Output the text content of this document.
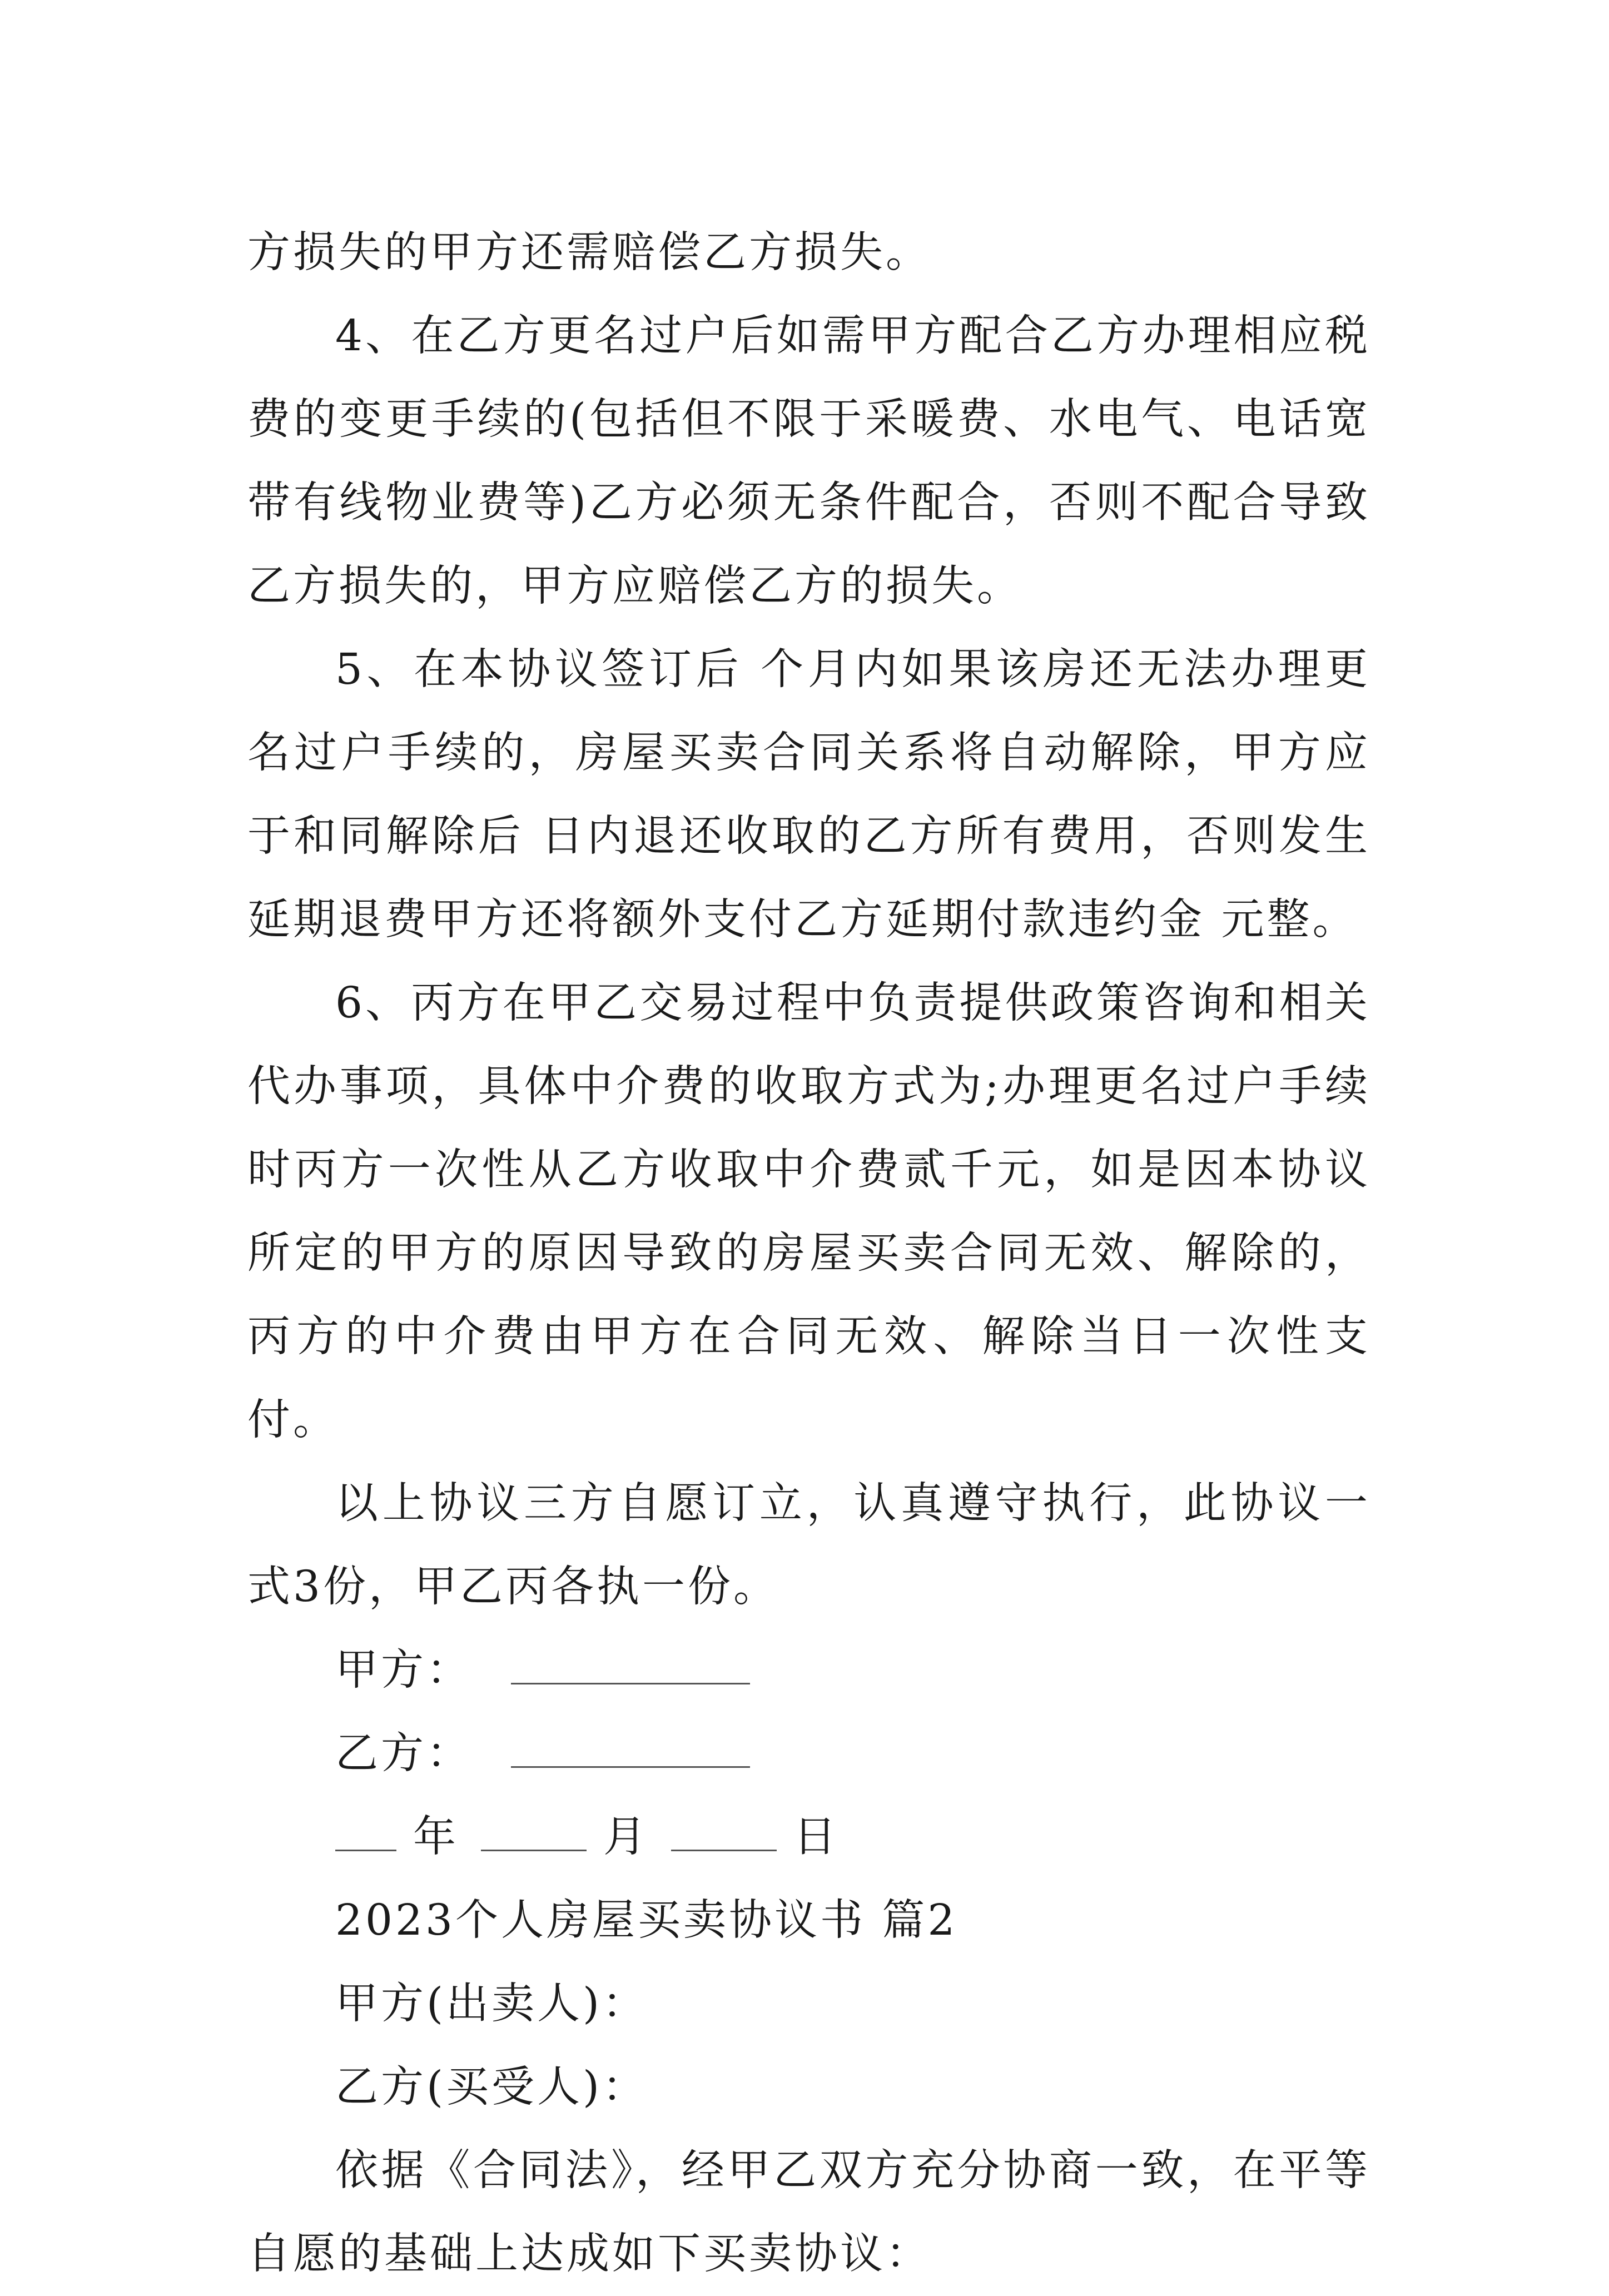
方损失的甲方还需赔偿乙方损失。

4、在乙方更名过户后如需甲方配合乙方办理相应税费的变更手续的(包括但不限于采暖费、水电气、电话宽带有线物业费等)乙方必须无条件配合，否则不配合导致乙方损失的，甲方应赔偿乙方的损失。

5、在本协议签订后 个月内如果该房还无法办理更名过户手续的，房屋买卖合同关系将自动解除，甲方应于和同解除后 日内退还收取的乙方所有费用，否则发生延期退费甲方还将额外支付乙方延期付款违约金 元整。

6、丙方在甲乙交易过程中负责提供政策咨询和相关代办事项，具体中介费的收取方式为;办理更名过户手续时丙方一次性从乙方收取中介费贰千元，如是因本协议所定的甲方的原因导致的房屋买卖合同无效、解除的，丙方的中介费由甲方在合同无效、解除当日一次性支付。

以上协议三方自愿订立，认真遵守执行，此协议一式3份，甲乙丙各执一份。

甲方：

乙方：

年	月	日

2023个人房屋买卖协议书 篇2

甲方(出卖人)：

乙方(买受人)：

依据《合同法》，经甲乙双方充分协商一致，在平等自愿的基础上达成如下买卖协议：
